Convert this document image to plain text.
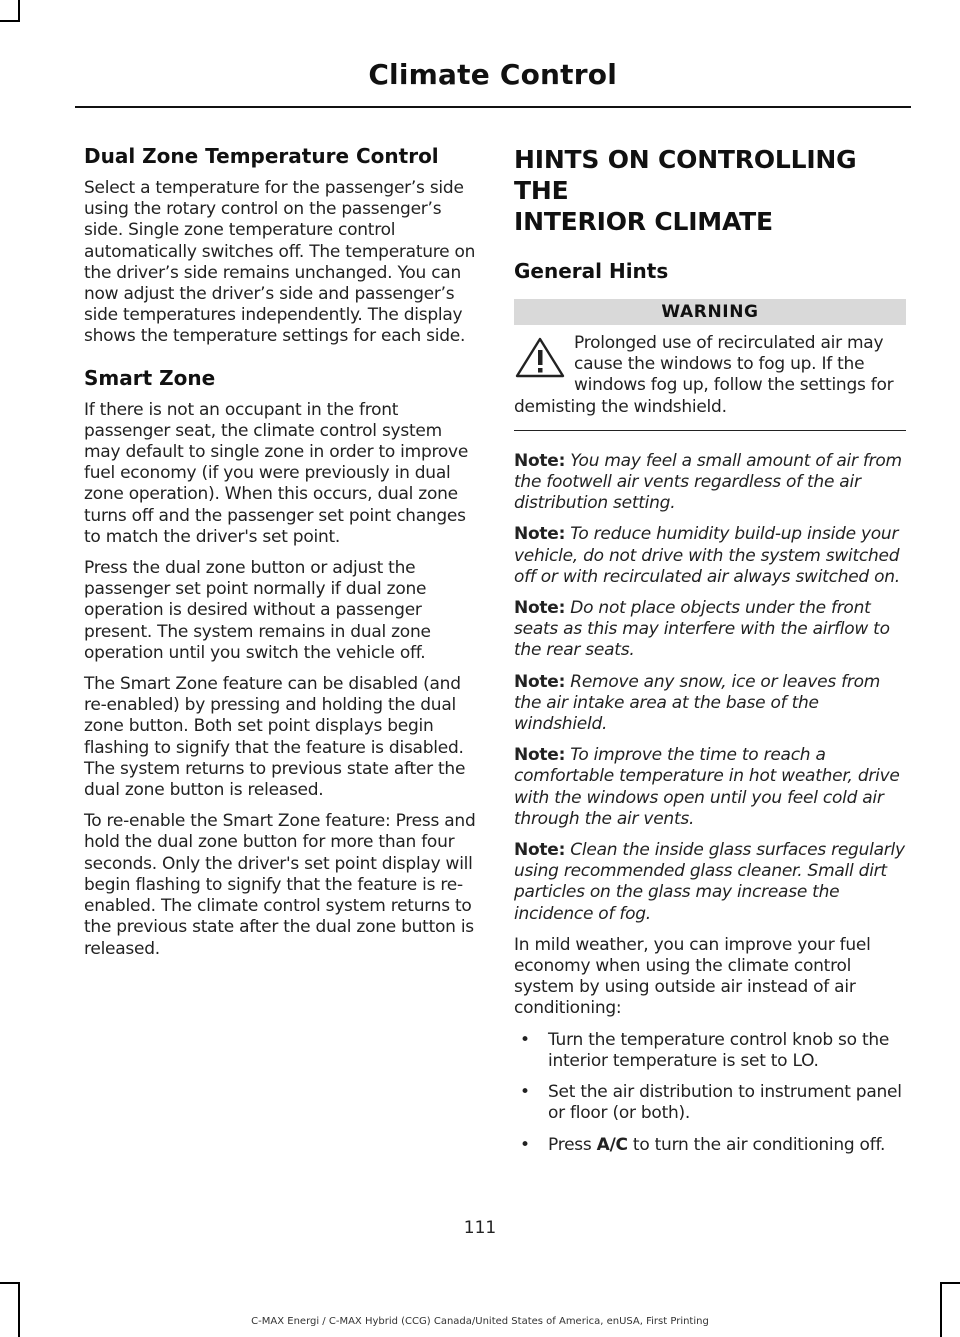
Climate Control
Dual Zone Temperature Control

Select a temperature for the passenger’s side using the rotary control on the passenger’s side. Single zone temperature control automatically switches off. The temperature on the driver’s side remains unchanged. You can now adjust the driver’s side and passenger’s side temperatures independently. The display shows the temperature settings for each side.

Smart Zone

If there is not an occupant in the front passenger seat, the climate control system may default to single zone in order to improve fuel economy (if you were previously in dual zone operation). When this occurs, dual zone turns off and the passenger set point changes to match the driver's set point.

Press the dual zone button or adjust the passenger set point normally if dual zone operation is desired without a passenger present. The system remains in dual zone operation until you switch the vehicle off.

The Smart Zone feature can be disabled (and re-enabled) by pressing and holding the dual zone button. Both set point displays begin flashing to signify that the feature is disabled. The system returns to previous state after the dual zone button is released.

To re-enable the Smart Zone feature: Press and hold the dual zone button for more than four seconds. Only the driver's set point display will begin flashing to signify that the feature is re-enabled. The climate control system returns to the previous state after the dual zone button is released.

HINTS ON CONTROLLING THE
INTERIOR CLIMATE
General Hints
WARNING

Prolonged use of recirculated air may cause the windows to fog up. If the windows fog up, follow the settings for demisting the windshield.

Note: You may feel a small amount of air from the footwell air vents regardless of the air distribution setting.

Note: To reduce humidity build-up inside your vehicle, do not drive with the system switched off or with recirculated air always switched on.

Note: Do not place objects under the front seats as this may interfere with the airflow to the rear seats.

Note: Remove any snow, ice or leaves from the air intake area at the base of the windshield.

Note: To improve the time to reach a comfortable temperature in hot weather, drive with the windows open until you feel cold air through the air vents.

Note: Clean the inside glass surfaces regularly using recommended glass cleaner. Small dirt particles on the glass may increase the incidence of fog.

In mild weather, you can improve your fuel economy when using the climate control system by using outside air instead of air conditioning:

• Turn the temperature control knob so the interior temperature is set to LO.
• Set the air distribution to instrument panel or floor (or both).
• Press A/C to turn the air conditioning off.
111
C-MAX Energi / C-MAX Hybrid (CCG) Canada/United States of America, enUSA, First Printing
